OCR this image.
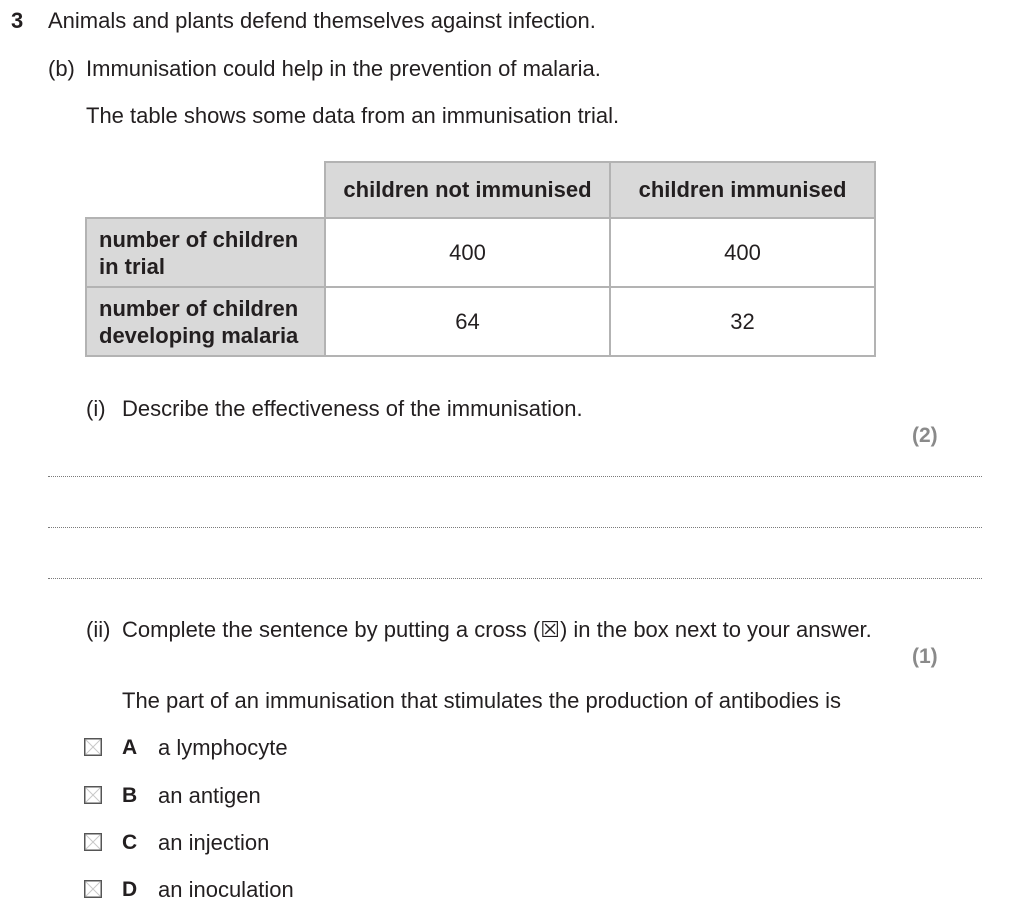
3 Animals and plants defend themselves against infection.
(b) Immunisation could help in the prevention of malaria.
The table shows some data from an immunisation trial.
	children not immunised	children immunised

number of children in trial	400	400

number of children developing malaria	64	32
(i) Describe the effectiveness of the immunisation.
(2)
(ii) Complete the sentence by putting a cross (☒) in the box next to your answer.
(1)
The part of an immunisation that stimulates the production of antibodies is
A a lymphocyte
B an antigen
C an injection
D an inoculation
